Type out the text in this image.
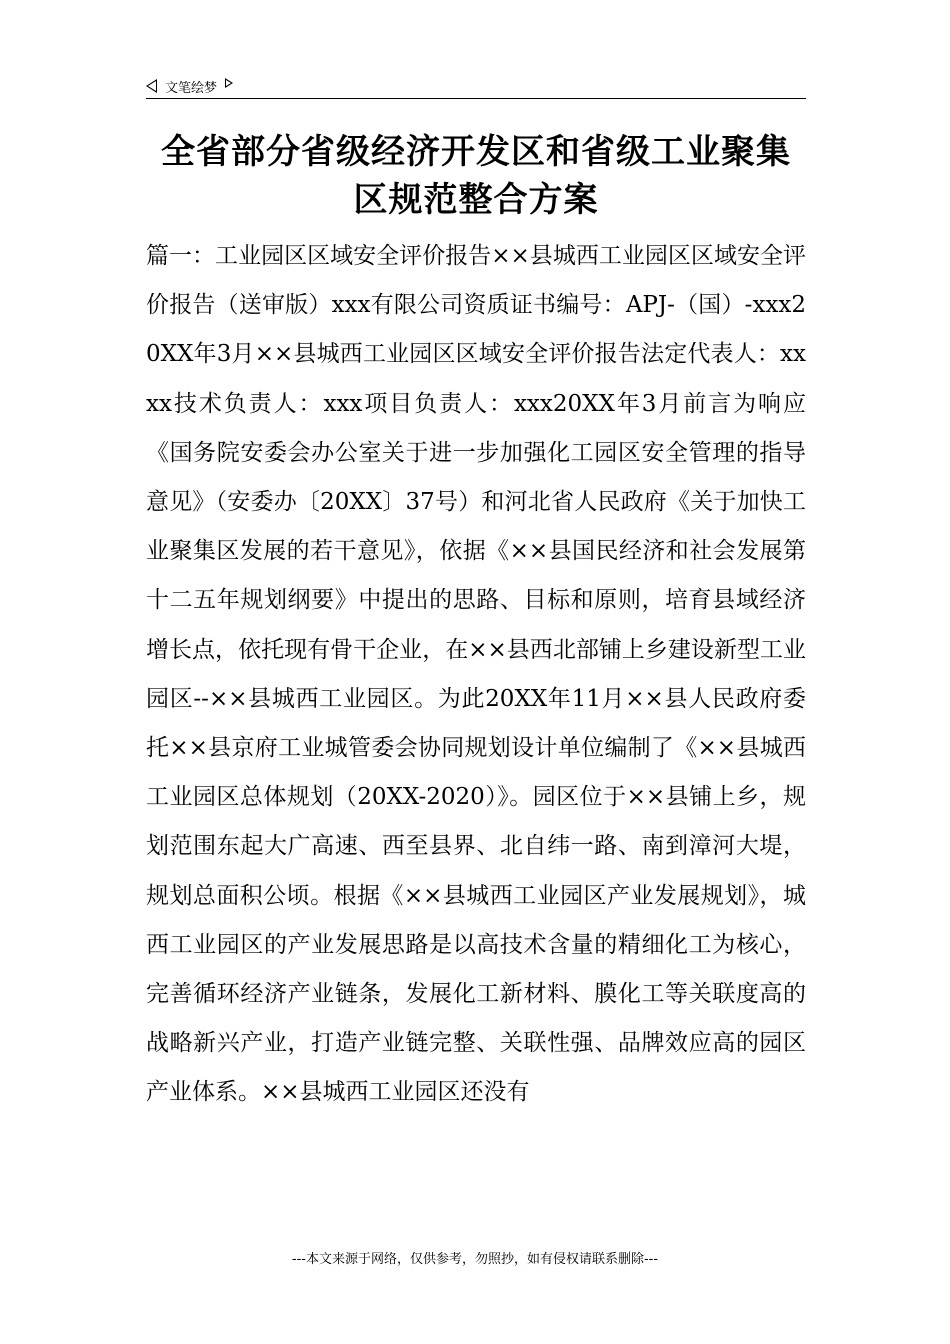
文笔绘梦
全省部分省级经济开发区和省级工业聚集
区规范整合方案

篇一：工业园区区域安全评价报告××县城西工业园区区域安全评价报告（送审版）xxx有限公司资质证书编号：APJ-（国）-xxx20XX年3月××县城西工业园区区域安全评价报告法定代表人：xxxx技术负责人：xxx项目负责人：xxx20XX年3月前言为响应《国务院安委会办公室关于进一步加强化工园区安全管理的指导意见》（安委办〔20XX〕37号）和河北省人民政府《关于加快工业聚集区发展的若干意见》，依据《××县国民经济和社会发展第十二五年规划纲要》中提出的思路、目标和原则，培育县域经济增长点，依托现有骨干企业，在××县西北部铺上乡建设新型工业园区--××县城西工业园区。为此20XX年11月××县人民政府委托××县京府工业城管委会协同规划设计单位编制了《××县城西工业园区总体规划（20XX-2020）》。园区位于××县铺上乡，规划范围东起大广高速、西至县界、北自纬一路、南到漳河大堤，规划总面积公顷。根据《××县城西工业园区产业发展规划》，城西工业园区的产业发展思路是以高技术含量的精细化工为核心，完善循环经济产业链条，发展化工新材料、膜化工等关联度高的战略新兴产业，打造产业链完整、关联性强、品牌效应高的园区产业体系。××县城西工业园区还没有

---本文来源于网络，仅供参考，勿照抄，如有侵权请联系删除---
